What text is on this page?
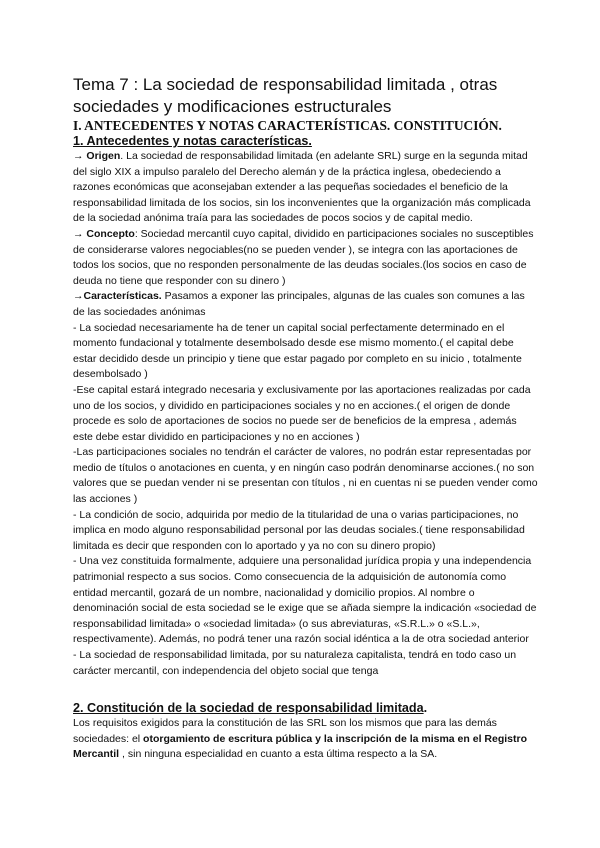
Tema 7 : La sociedad de responsabilidad limitada , otras
sociedades y modificaciones estructurales
I. ANTECEDENTES Y NOTAS CARACTERÍSTICAS. CONSTITUCIÓN.
1. Antecedentes y notas características.

→ Origen. La sociedad de responsabilidad limitada (en adelante SRL) surge en la segunda mitad del siglo XIX a impulso paralelo del Derecho alemán y de la práctica inglesa, obedeciendo a razones económicas que aconsejaban extender a las pequeñas sociedades el beneficio de la responsabilidad limitada de los socios, sin los inconvenientes que la organización más complicada de la sociedad anónima traía para las sociedades de pocos socios y de capital medio.

→ Concepto: Sociedad mercantil cuyo capital, dividido en participaciones sociales no susceptibles de considerarse valores negociables(no se pueden vender ), se integra con las aportaciones de todos los socios, que no responden personalmente de las deudas sociales.(los socios en caso de deuda no tiene que responder con su dinero )

→Características. Pasamos a exponer las principales, algunas de las cuales son comunes a las de las sociedades anónimas

- La sociedad necesariamente ha de tener un capital social perfectamente determinado en el momento fundacional y totalmente desembolsado desde ese mismo momento.( el capital debe estar decidido desde un principio y tiene que estar pagado por completo en su inicio , totalmente desembolsado )

-Ese capital estará integrado necesaria y exclusivamente por las aportaciones realizadas por cada uno de los socios, y dividido en participaciones sociales y no en acciones.( el origen de donde procede es solo de aportaciones de socios no puede ser de beneficios de la empresa , además este debe estar dividido en participaciones y no en acciones )

-Las participaciones sociales no tendrán el carácter de valores, no podrán estar representadas por medio de títulos o anotaciones en cuenta, y en ningún caso podrán denominarse acciones.( no son valores que se puedan vender ni se presentan con títulos , ni en cuentas ni se pueden vender como las acciones )

- La condición de socio, adquirida por medio de la titularidad de una o varias participaciones, no implica en modo alguno responsabilidad personal por las deudas sociales.( tiene responsabilidad limitada es decir que responden con lo aportado y ya no con su dinero propio)

- Una vez constituida formalmente, adquiere una personalidad jurídica propia y una independencia patrimonial respecto a sus socios. Como consecuencia de la adquisición de autonomía como entidad mercantil, gozará de un nombre, nacionalidad y domicilio propios. Al nombre o denominación social de esta sociedad se le exige que se añada siempre la indicación «sociedad de responsabilidad limitada» o «sociedad limitada» (o sus abreviaturas, «S.R.L.» o «S.L.», respectivamente). Además, no podrá tener una razón social idéntica a la de otra sociedad anterior

- La sociedad de responsabilidad limitada, por su naturaleza capitalista, tendrá en todo caso un carácter mercantil, con independencia del objeto social que tenga

2. Constitución de la sociedad de responsabilidad limitada.

Los requisitos exigidos para la constitución de las SRL son los mismos que para las demás sociedades: el otorgamiento de escritura pública y la inscripción de la misma en el Registro Mercantil , sin ninguna especialidad en cuanto a esta última respecto a la SA.
